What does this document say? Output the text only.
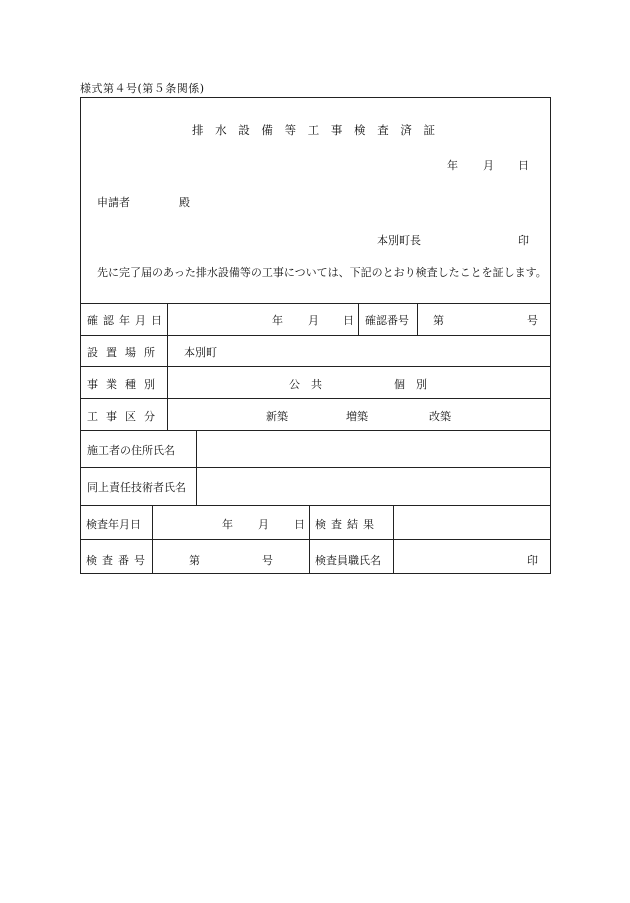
様式第４号(第５条関係)
排 水 設 備 等 工 事 検 査 済 証
年 月 日
申請者	殿
本別町長	印
先に完了届のあった排水設備等の工事については、下記のとおり検査したことを証します。
確認年月日	年 月 日 確認番号 第	号
設置場所 本別町
事業種別	公　共	個　別
工事区分	新築	増築	改築
施工者の住所氏名
同上責任技術者氏名
検査年月日	年 月 日 検査結果
検査番号	第	号	検査員職氏名	印
